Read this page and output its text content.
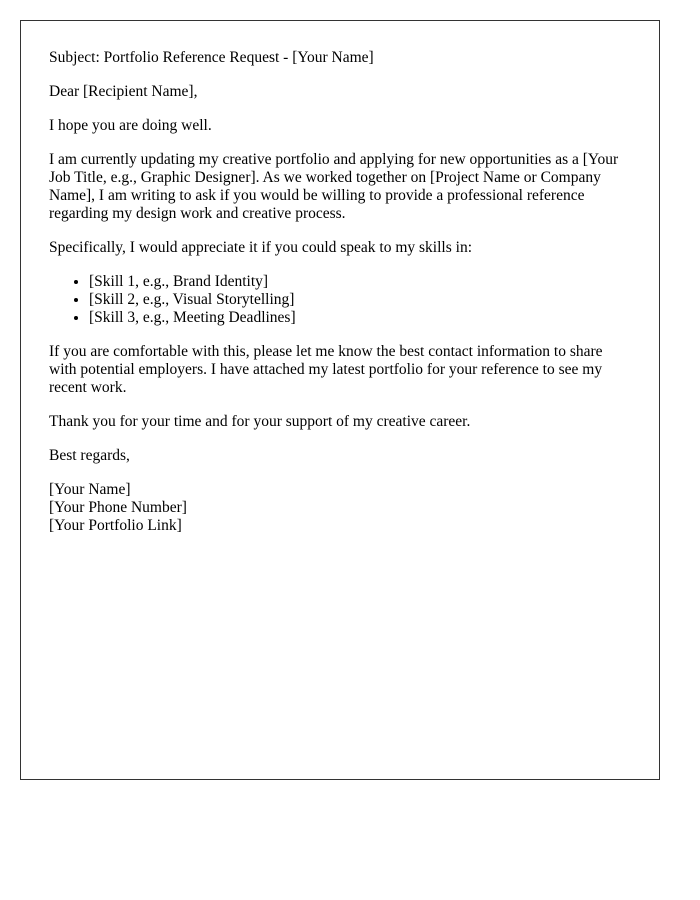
Subject: Portfolio Reference Request - [Your Name]

Dear [Recipient Name],

I hope you are doing well.

I am currently updating my creative portfolio and applying for new opportunities as a [Your Job Title, e.g., Graphic Designer]. As we worked together on [Project Name or Company Name], I am writing to ask if you would be willing to provide a professional reference regarding my design work and creative process.

Specifically, I would appreciate it if you could speak to my skills in:

• [Skill 1, e.g., Brand Identity]
• [Skill 2, e.g., Visual Storytelling]
• [Skill 3, e.g., Meeting Deadlines]

If you are comfortable with this, please let me know the best contact information to share with potential employers. I have attached my latest portfolio for your reference to see my recent work.

Thank you for your time and for your support of my creative career.

Best regards,

[Your Name]
[Your Phone Number]
[Your Portfolio Link]
